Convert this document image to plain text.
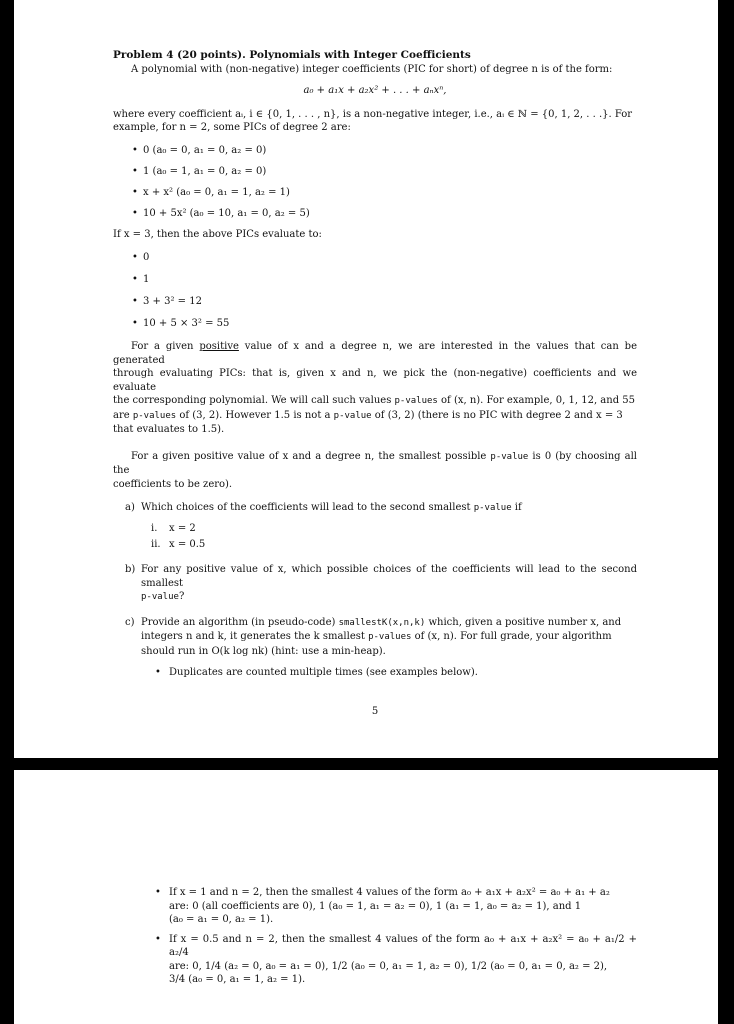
Problem 4 (20 points). Polynomials with Integer Coefficients
A polynomial with (non-negative) integer coefficients (PIC for short) of degree n is of the form:
a₀ + a₁x + a₂x² + . . . + aₙxⁿ,
where every coefficient aᵢ, i ∈ {0, 1, . . . , n}, is a non-negative integer, i.e., aᵢ ∈ ℕ = {0, 1, 2, . . .}. For
example, for n = 2, some PICs of degree 2 are:
• 0 (a₀ = 0, a₁ = 0, a₂ = 0)
• 1 (a₀ = 1, a₁ = 0, a₂ = 0)
• x + x² (a₀ = 0, a₁ = 1, a₂ = 1)
• 10 + 5x² (a₀ = 10, a₁ = 0, a₂ = 5)
If x = 3, then the above PICs evaluate to:
• 0
• 1
• 3 + 3² = 12
• 10 + 5 × 3² = 55
For a given positive value of x and a degree n, we are interested in the values that can be generated
through evaluating PICs: that is, given x and n, we pick the (non-negative) coefficients and we evaluate
the corresponding polynomial. We will call such values p-values of (x, n). For example, 0, 1, 12, and 55
are p-values of (3, 2). However 1.5 is not a p-value of (3, 2) (there is no PIC with degree 2 and x = 3
that evaluates to 1.5).
For a given positive value of x and a degree n, the smallest possible p-value is 0 (by choosing all the
coefficients to be zero).
a) Which choices of the coefficients will lead to the second smallest p-value if
i. x = 2
ii. x = 0.5
b) For any positive value of x, which possible choices of the coefficients will lead to the second smallest
p-value?
c) Provide an algorithm (in pseudo-code) smallestK(x,n,k) which, given a positive number x, and
integers n and k, it generates the k smallest p-values of (x, n). For full grade, your algorithm
should run in O(k log nk) (hint: use a min-heap).
• Duplicates are counted multiple times (see examples below).
5
• If x = 1 and n = 2, then the smallest 4 values of the form a₀ + a₁x + a₂x² = a₀ + a₁ + a₂
are: 0 (all coefficients are 0), 1 (a₀ = 1, a₁ = a₂ = 0), 1 (a₁ = 1, a₀ = a₂ = 1), and 1
(a₀ = a₁ = 0, a₂ = 1).
• If x = 0.5 and n = 2, then the smallest 4 values of the form a₀ + a₁x + a₂x² = a₀ + a₁/2 + a₂/4
are: 0, 1/4 (a₂ = 0, a₀ = a₁ = 0), 1/2 (a₀ = 0, a₁ = 1, a₂ = 0), 1/2 (a₀ = 0, a₁ = 0, a₂ = 2),
3/4 (a₀ = 0, a₁ = 1, a₂ = 1).
